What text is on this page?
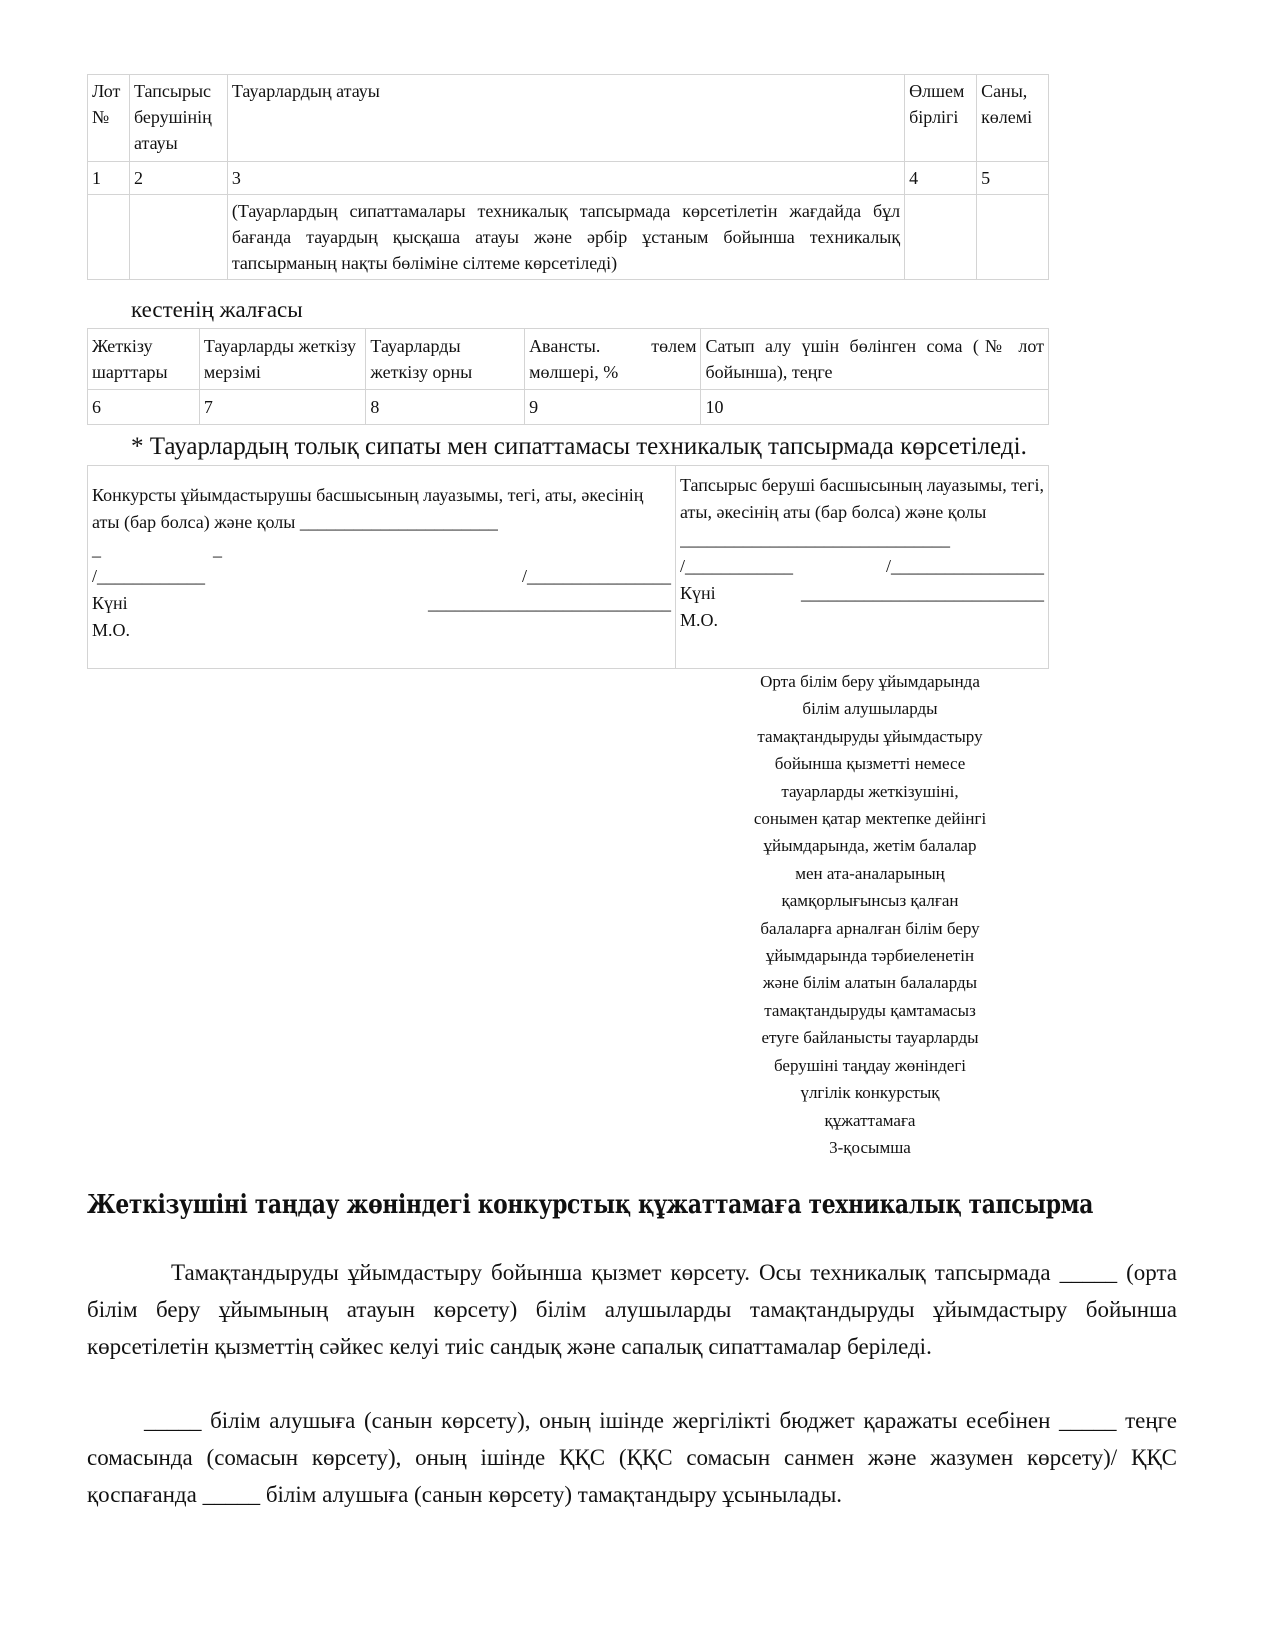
Лот №	Тапсырыс берушінің атауы	Тауарлардың атауы	Өлшем бірлігі	Саны, көлемі
1	2	3	4	5
		(Тауарлардың сипаттамалары техникалық тапсырмада көрсетілетін жағдайда бұл бағанда тауардың қысқаша атауы және әрбір ұстаным бойынша техникалық тапсырманың нақты бөліміне сілтеме көрсетіледі)		
кестенің жалғасы
Жеткізу шарттары	Тауарларды жеткізу мерзімі	Тауарларды жеткізу орны	Авансты. төлем мөлшері, %	Сатып алу үшін бөлінген сома (№ лот бойынша), теңге
6	7	8	9	10
* Тауарлардың толық сипаты мен сипаттамасы техникалық тапсырмада көрсетіледі.
Конкурсты ұйымдастырушы басшысының лауазымы, тегі, аты, әкесінің аты (бар болса) және қолы ______________________
_	_
/____________	/________________
Күні	___________________________
М.О.

Тапсырыс беруші басшысының лауазымы, тегі, аты, әкесінің аты (бар болса) және қолы
______________________________
/____________	/_________________
Күні	___________________________
М.О.
Орта білім беру ұйымдарында
білім алушыларды
тамақтандыруды ұйымдастыру
бойынша қызметті немесе
тауарларды жеткізушіні,
сонымен қатар мектепке дейінгі
ұйымдарында, жетім балалар
мен ата-аналарының
қамқорлығынсыз қалған
балаларға арналған білім беру
ұйымдарында тәрбиеленетін
және білім алатын балаларды
тамақтандыруды қамтамасыз
етуге байланысты тауарларды
берушіні таңдау жөніндегі
үлгілік конкурстық
құжаттамаға
3-қосымша
Жеткізушіні таңдау жөніндегі конкурстық құжаттамаға техникалық тапсырма
Тамақтандыруды ұйымдастыру бойынша қызмет көрсету. Осы техникалық тапсырмада _____ (орта білім беру ұйымының атауын көрсету) білім алушыларды тамақтандыруды ұйымдастыру бойынша көрсетілетін қызметтің сәйкес келуі тиіс сандық және сапалық сипаттамалар беріледі.
_____ білім алушыға (санын көрсету), оның ішінде жергілікті бюджет қаражаты есебінен _____ теңге сомасында (сомасын көрсету), оның ішінде ҚҚС (ҚҚС сомасын санмен және жазумен көрсету)/ ҚҚС қоспағанда _____ білім алушыға (санын көрсету) тамақтандыру ұсынылады.
